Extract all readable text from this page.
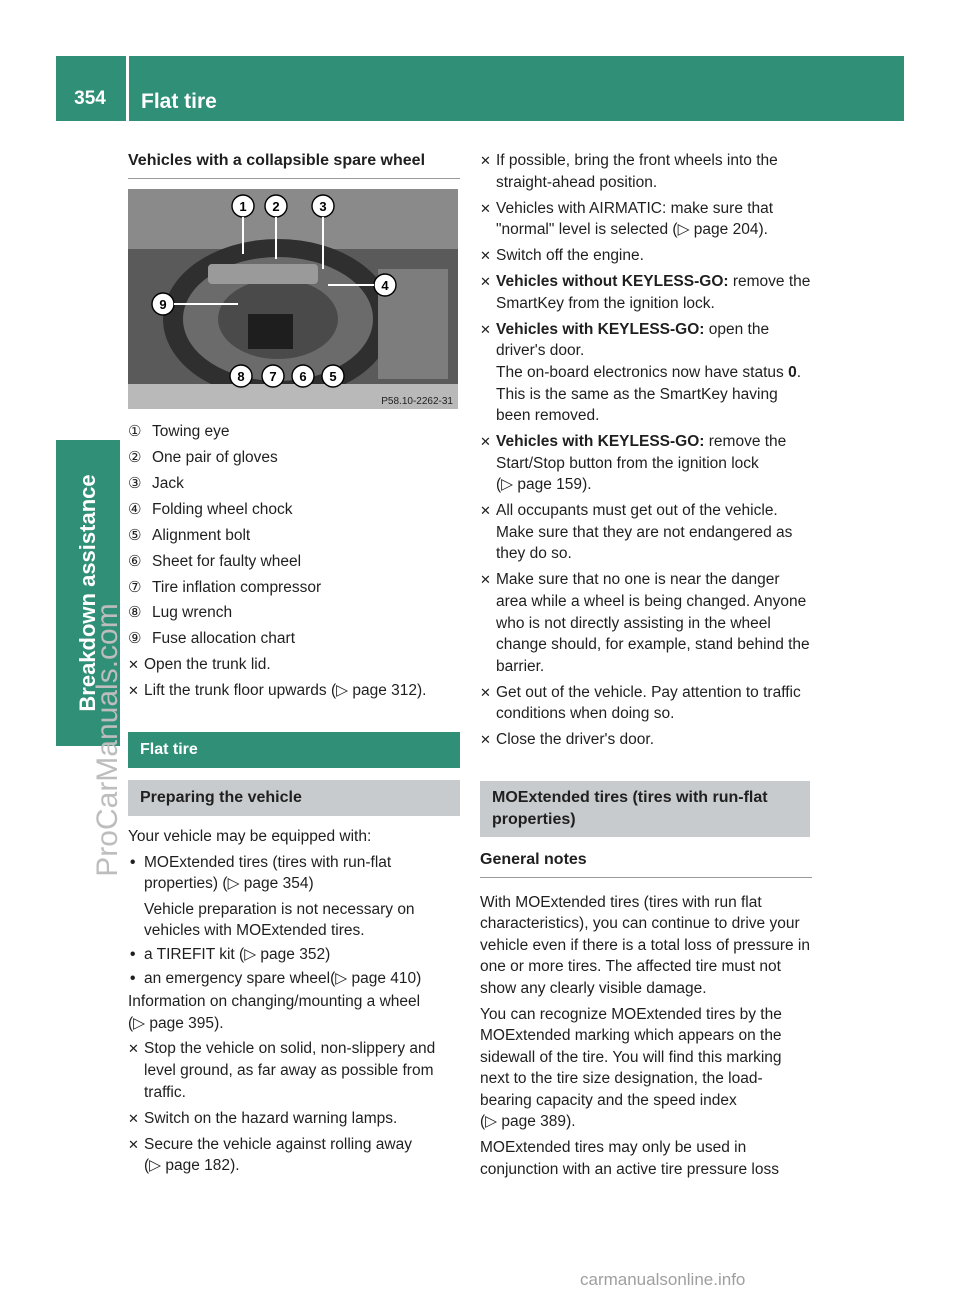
354	Flat tire
Breakdown assistance
ProCarManuals.com
Vehicles with a collapsible spare wheel
1 2	3
4
5
6
7
8
9
P58.10-2262-31
① Towing eye
② One pair of gloves
③ Jack
④ Folding wheel chock
⑤ Alignment bolt
⑥ Sheet for faulty wheel
⑦ Tire inflation compressor
⑧ Lug wrench
⑨ Fuse allocation chart
✕ Open the trunk lid.
✕ Lift the trunk floor upwards (▷ page 312).
Flat tire
Preparing the vehicle
Your vehicle may be equipped with:
• MOExtended tires (tires with run-flat properties) (▷ page 354)

Vehicle preparation is not necessary on vehicles with MOExtended tires.
• a TIREFIT kit (▷ page 352)
• an emergency spare wheel(▷ page 410)
Information on changing/mounting a wheel (▷ page 395).
✕ Stop the vehicle on solid, non-slippery and level ground, as far away as possible from traffic.
✕ Switch on the hazard warning lamps.
✕ Secure the vehicle against rolling away (▷ page 182).
✕ If possible, bring the front wheels into the straight-ahead position.
✕ Vehicles with AIRMATIC: make sure that "normal" level is selected (▷ page 204).
✕ Switch off the engine.
✕ Vehicles without KEYLESS-GO: remove the SmartKey from the ignition lock.
✕ Vehicles with KEYLESS-GO: open the driver's door.
The on-board electronics now have status 0. This is the same as the SmartKey having been removed.
✕ Vehicles with KEYLESS-GO: remove the Start/Stop button from the ignition lock (▷ page 159).
✕ All occupants must get out of the vehicle. Make sure that they are not endangered as they do so.
✕ Make sure that no one is near the danger area while a wheel is being changed. Anyone who is not directly assisting in the wheel change should, for example, stand behind the barrier.
✕ Get out of the vehicle. Pay attention to traffic conditions when doing so.
✕ Close the driver's door.
MOExtended tires (tires with run-flat properties)
General notes
With MOExtended tires (tires with run flat characteristics), you can continue to drive your vehicle even if there is a total loss of pressure in one or more tires. The affected tire must not show any clearly visible damage.
You can recognize MOExtended tires by the MOExtended marking which appears on the sidewall of the tire. You will find this marking next to the tire size designation, the load-bearing capacity and the speed index (▷ page 389).
MOExtended tires may only be used in conjunction with an active tire pressure loss
carmanualsonline.info
